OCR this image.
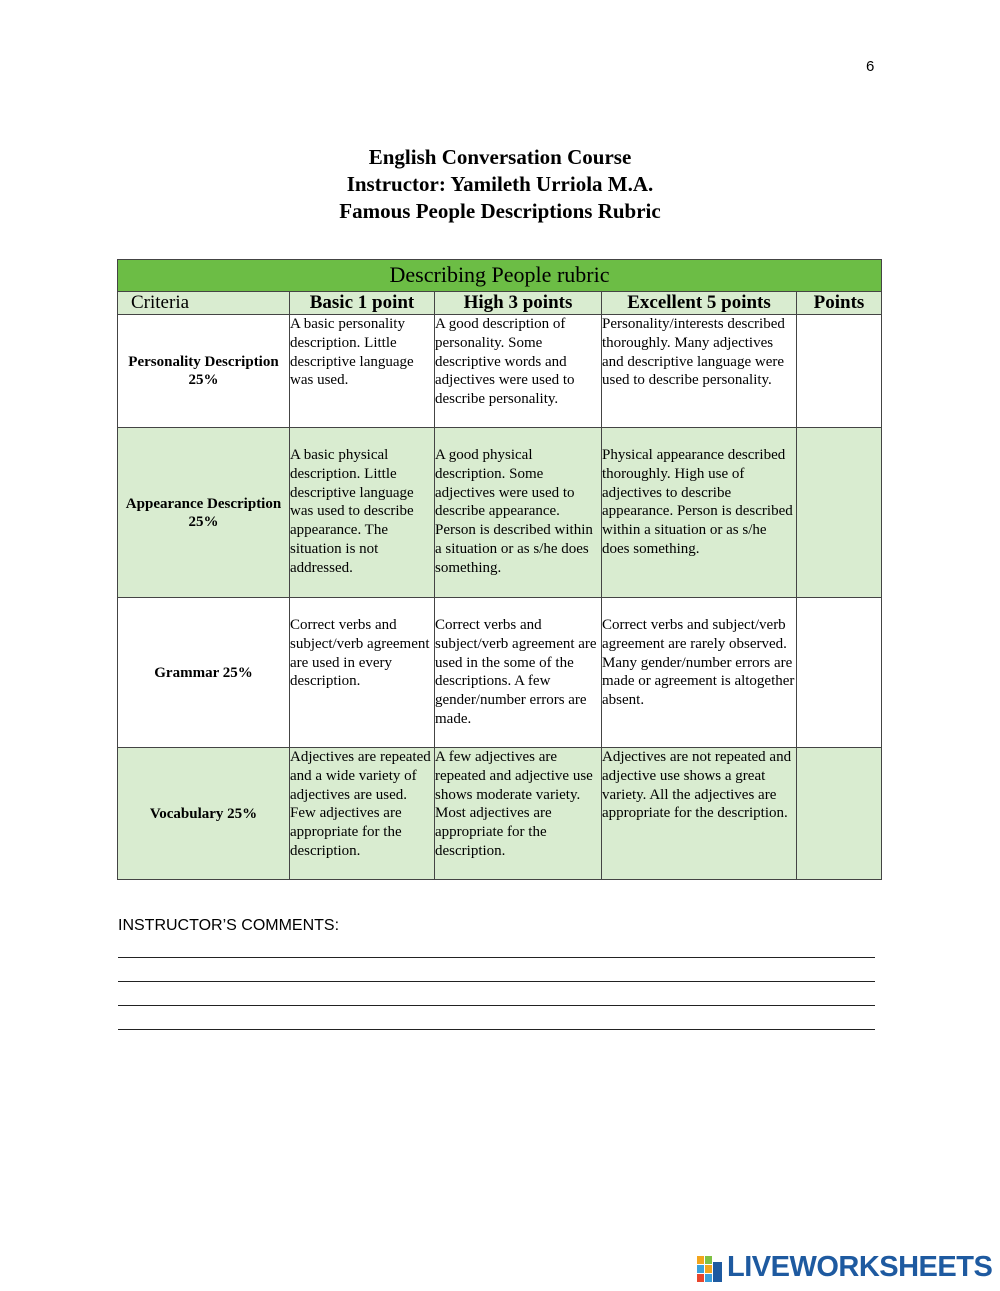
6
English Conversation Course
Instructor: Yamileth Urriola M.A.
Famous People Descriptions Rubric
Describing People rubric				
Criteria	Basic 1 point	High 3 points	Excellent 5 points	Points
Personality Description 25%	A basic personality description. Little descriptive language was used.	A good description of personality. Some descriptive words and adjectives were used to describe personality.	Personality/interests described thoroughly. Many adjectives and descriptive language were used to describe personality.	
Appearance Description 25%	A basic physical description. Little descriptive language was used to describe appearance. The situation is not addressed.	A good physical description. Some adjectives were used to describe appearance. Person is described within a situation or as s/he does something.	Physical appearance described thoroughly. High use of adjectives to describe appearance. Person is described within a situation or as s/he does something.	
Grammar 25%	Correct verbs and subject/verb agreement are used in every description.	Correct verbs and subject/verb agreement are used in the some of the descriptions. A few gender/number errors are made.	Correct verbs and subject/verb agreement are rarely observed. Many gender/number errors are made or agreement is altogether absent.	
Vocabulary 25%	Adjectives are repeated and a wide variety of adjectives are used. Few adjectives are appropriate for the description.	A few adjectives are repeated and adjective use shows moderate variety. Most adjectives are appropriate for the description.	Adjectives are not repeated and adjective use shows a great variety. All the adjectives are appropriate for the description.	
INSTRUCTOR’S COMMENTS:
LIVEWORKSHEETS
